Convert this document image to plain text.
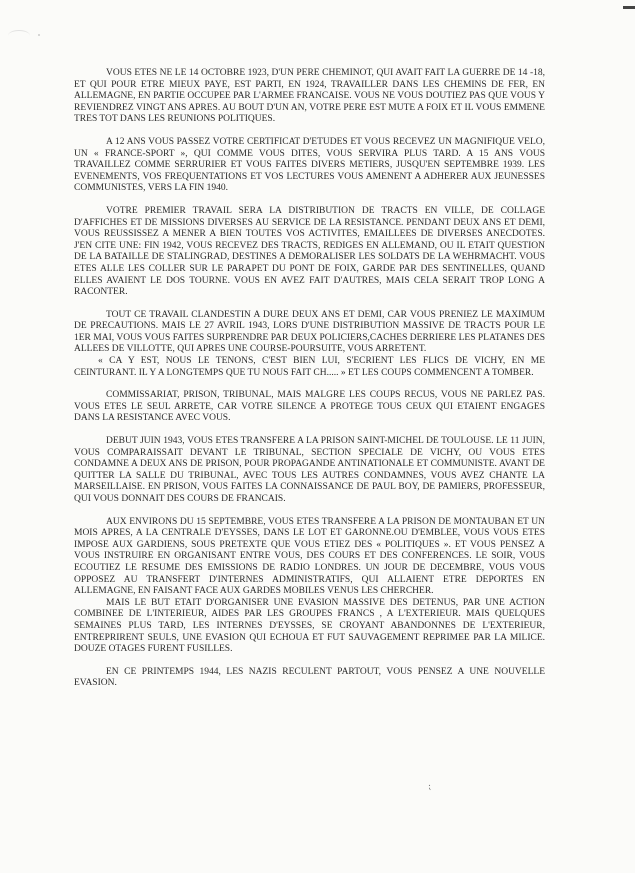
VOUS ETES NE LE 14 OCTOBRE 1923, D'UN PERE CHEMINOT, QUI AVAIT FAIT LA GUERRE DE 14 -18, ET QUI POUR ETRE MIEUX PAYE, EST PARTI, EN 1924, TRAVAILLER DANS LES CHEMINS DE FER, EN ALLEMAGNE, EN PARTIE OCCUPEE PAR L'ARMEE FRANCAISE. VOUS NE VOUS DOUTIEZ PAS QUE VOUS Y REVIENDREZ VINGT ANS APRES. AU BOUT D'UN AN, VOTRE PERE EST MUTE A FOIX ET IL VOUS EMMENE TRES TOT DANS LES REUNIONS POLITIQUES.

A 12 ANS VOUS PASSEZ VOTRE CERTIFICAT D'ETUDES ET VOUS RECEVEZ UN MAGNIFIQUE VELO, UN « FRANCE-SPORT », QUI COMME VOUS DITES, VOUS SERVIRA PLUS TARD. A 15 ANS VOUS TRAVAILLEZ COMME SERRURIER ET VOUS FAITES DIVERS METIERS, JUSQU'EN SEPTEMBRE 1939. LES EVENEMENTS, VOS FREQUENTATIONS ET VOS LECTURES VOUS AMENENT A ADHERER AUX JEUNESSES COMMUNISTES, VERS LA FIN 1940.

VOTRE PREMIER TRAVAIL SERA LA DISTRIBUTION DE TRACTS EN VILLE, DE COLLAGE D'AFFICHES ET DE MISSIONS DIVERSES AU SERVICE DE LA RESISTANCE. PENDANT DEUX ANS ET DEMI, VOUS REUSSISSEZ A MENER A BIEN TOUTES VOS ACTIVITES, EMAILLEES DE DIVERSES ANECDOTES. J'EN CITE UNE: FIN 1942, VOUS RECEVEZ DES TRACTS, REDIGES EN ALLEMAND, OU IL ETAIT QUESTION DE LA BATAILLE DE STALINGRAD, DESTINES A DEMORALISER LES SOLDATS DE LA WEHRMACHT. VOUS ETES ALLE LES COLLER SUR LE PARAPET DU PONT DE FOIX, GARDE PAR DES SENTINELLES, QUAND ELLES AVAIENT LE DOS TOURNE. VOUS EN AVEZ FAIT D'AUTRES, MAIS CELA SERAIT TROP LONG A RACONTER.

TOUT CE TRAVAIL CLANDESTIN A DURE DEUX ANS ET DEMI, CAR VOUS PRENIEZ LE MAXIMUM DE PRECAUTIONS. MAIS LE 27 AVRIL 1943, LORS D'UNE DISTRIBUTION MASSIVE DE TRACTS POUR LE 1ER MAI, VOUS VOUS FAITES SURPRENDRE PAR DEUX POLICIERS,CACHES DERRIERE LES PLATANES DES ALLEES DE VILLOTTE, QUI APRES UNE COURSE-POURSUITE, VOUS ARRETENT.

« CA Y EST, NOUS LE TENONS, C'EST BIEN LUI, S'ECRIENT LES FLICS DE VICHY, EN ME CEINTURANT. IL Y A LONGTEMPS QUE TU NOUS FAIT CH..... » ET LES COUPS COMMENCENT A TOMBER.

COMMISSARIAT, PRISON, TRIBUNAL, MAIS MALGRE LES COUPS RECUS, VOUS NE PARLEZ PAS. VOUS ETES LE SEUL ARRETE, CAR VOTRE SILENCE A PROTEGE TOUS CEUX QUI ETAIENT ENGAGES DANS LA RESISTANCE AVEC VOUS.

DEBUT JUIN 1943, VOUS ETES TRANSFERE A LA PRISON SAINT-MICHEL DE TOULOUSE. LE 11 JUIN, VOUS COMPARAISSAIT DEVANT LE TRIBUNAL, SECTION SPECIALE DE VICHY, OU VOUS ETES CONDAMNE A DEUX ANS DE PRISON, POUR PROPAGANDE ANTINATIONALE ET COMMUNISTE. AVANT DE QUITTER LA SALLE DU TRIBUNAL, AVEC TOUS LES AUTRES CONDAMNES, VOUS AVEZ CHANTE LA MARSEILLAISE. EN PRISON, VOUS FAITES LA CONNAISSANCE DE PAUL BOY, DE PAMIERS, PROFESSEUR, QUI VOUS DONNAIT DES COURS DE FRANCAIS.

AUX ENVIRONS DU 15 SEPTEMBRE, VOUS ETES TRANSFERE A LA PRISON DE MONTAUBAN ET UN MOIS APRES, A LA CENTRALE D'EYSSES, DANS LE LOT ET GARONNE.OU D'EMBLEE, VOUS VOUS ETES IMPOSE AUX GARDIENS, SOUS PRETEXTE QUE VOUS ETIEZ DES « POLITIQUES ». ET VOUS PENSEZ A VOUS INSTRUIRE EN ORGANISANT ENTRE VOUS, DES COURS ET DES CONFERENCES. LE SOIR, VOUS ECOUTIEZ LE RESUME DES EMISSIONS DE RADIO LONDRES. UN JOUR DE DECEMBRE, VOUS VOUS OPPOSEZ AU TRANSFERT D'INTERNES ADMINISTRATIFS, QUI ALLAIENT ETRE DEPORTES EN ALLEMAGNE, EN FAISANT FACE AUX GARDES MOBILES VENUS LES CHERCHER.

MAIS LE BUT ETAIT D'ORGANISER UNE EVASION MASSIVE DES DETENUS, PAR UNE ACTION COMBINEE DE L'INTERIEUR, AIDES PAR LES GROUPES FRANCS , A L'EXTERIEUR. MAIS QUELQUES SEMAINES PLUS TARD, LES INTERNES D'EYSSES, SE CROYANT ABANDONNES DE L'EXTERIEUR, ENTREPRIRENT SEULS, UNE EVASION QUI ECHOUA ET FUT SAUVAGEMENT REPRIMEE PAR LA MILICE. DOUZE OTAGES FURENT FUSILLES.

EN CE PRINTEMPS 1944, LES NAZIS RECULENT PARTOUT, VOUS PENSEZ A UNE NOUVELLE EVASION.

⁏
